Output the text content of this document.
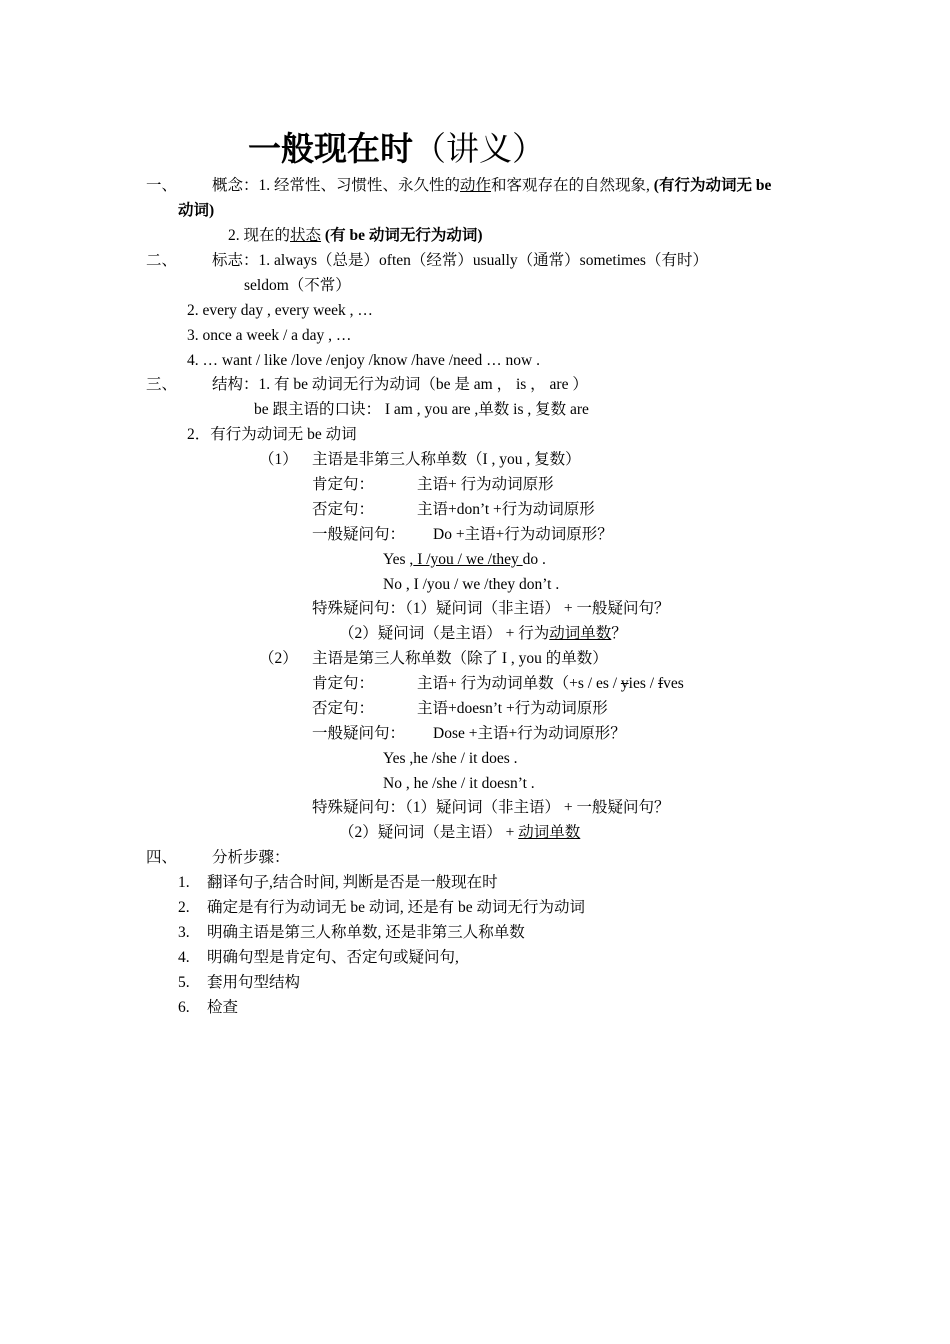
一般现在时（讲义）
一、 概念：1. 经常性、习惯性、永久性的动作和客观存在的自然现象, (有行为动词无 be
动词)
2. 现在的状态 (有 be 动词无行为动词)
二、 标志：1. always（总是）often（经常）usually（通常）sometimes（有时）
seldom（不常）
2. every day , every week , …
3. once a week / a day , …
4. … want / like /love /enjoy /know /have /need … now .
三、 结构：1. 有 be 动词无行为动词（be 是 am ， is ， are ）
be 跟主语的口诀： I am , you are ,单数 is , 复数 are
2．有行为动词无 be 动词
（1） 主语是非第三人称单数（I , you , 复数）
肯定句：	主语+ 行为动词原形
否定句：	主语+don’t +行为动词原形
一般疑问句： Do +主语+行为动词原形？
Yes , I /you / we /they do .
No , I /you / we /they don’t .
特殊疑问句：（1）疑问词（非主语） + 一般疑问句？
（2）疑问词（是主语） + 行为动词单数？
（2） 主语是第三人称单数（除了 I , you 的单数）
肯定句：	主语+ 行为动词单数（+s / es / yies / fves
否定句：	主语+doesn’t +行为动词原形
一般疑问句： Dose +主语+行为动词原形？
Yes ,he /she / it does .
No , he /she / it doesn’t .
特殊疑问句：（1）疑问词（非主语） + 一般疑问句？
（2）疑问词（是主语） + 动词单数
四、 分析步骤：
1. 翻译句子,结合时间, 判断是否是一般现在时
2. 确定是有行为动词无 be 动词, 还是有 be 动词无行为动词
3. 明确主语是第三人称单数, 还是非第三人称单数
4. 明确句型是肯定句、否定句或疑问句,
5. 套用句型结构
6. 检查
